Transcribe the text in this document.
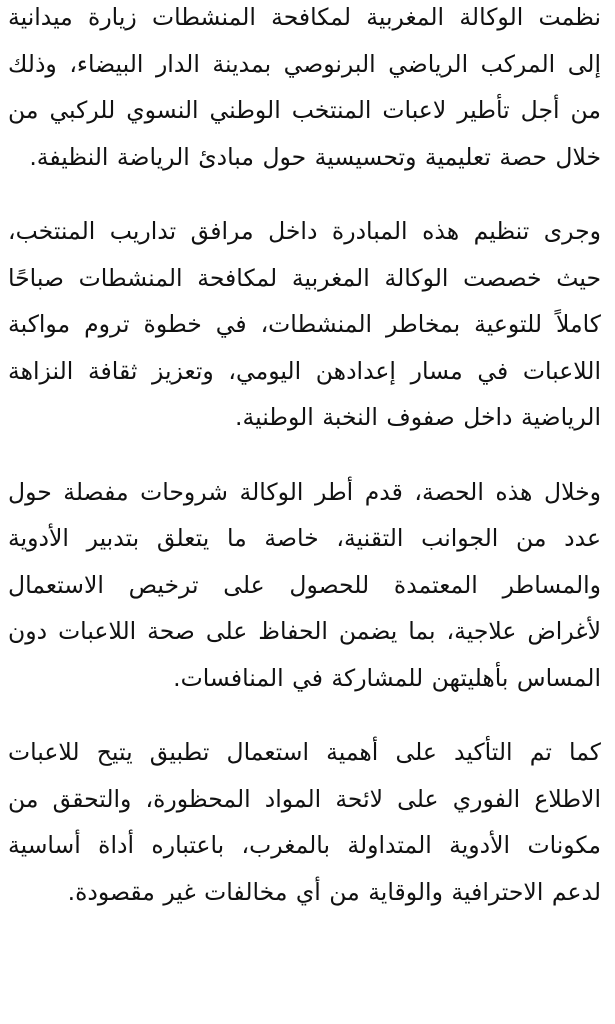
نظمت الوكالة المغربية لمكافحة المنشطات زيارة ميدانية إلى المركب الرياضي البرنوصي بمدينة الدار البيضاء، وذلك من أجل تأطير لاعبات المنتخب الوطني النسوي للركبي من خلال حصة تعليمية وتحسيسية حول مبادئ الرياضة النظيفة.

وجرى تنظيم هذه المبادرة داخل مرافق تداريب المنتخب، حيث خصصت الوكالة المغربية لمكافحة المنشطات صباحًا كاملاً للتوعية بمخاطر المنشطات، في خطوة تروم مواكبة اللاعبات في مسار إعدادهن اليومي، وتعزيز ثقافة النزاهة الرياضية داخل صفوف النخبة الوطنية.

وخلال هذه الحصة، قدم أطر الوكالة شروحات مفصلة حول عدد من الجوانب التقنية، خاصة ما يتعلق بتدبير الأدوية والمساطر المعتمدة للحصول على ترخيص الاستعمال لأغراض علاجية، بما يضمن الحفاظ على صحة اللاعبات دون المساس بأهليتهن للمشاركة في المنافسات.

كما تم التأكيد على أهمية استعمال تطبيق يتيح للاعبات الاطلاع الفوري على لائحة المواد المحظورة، والتحقق من مكونات الأدوية المتداولة بالمغرب، باعتباره أداة أساسية لدعم الاحترافية والوقاية من أي مخالفات غير مقصودة.
